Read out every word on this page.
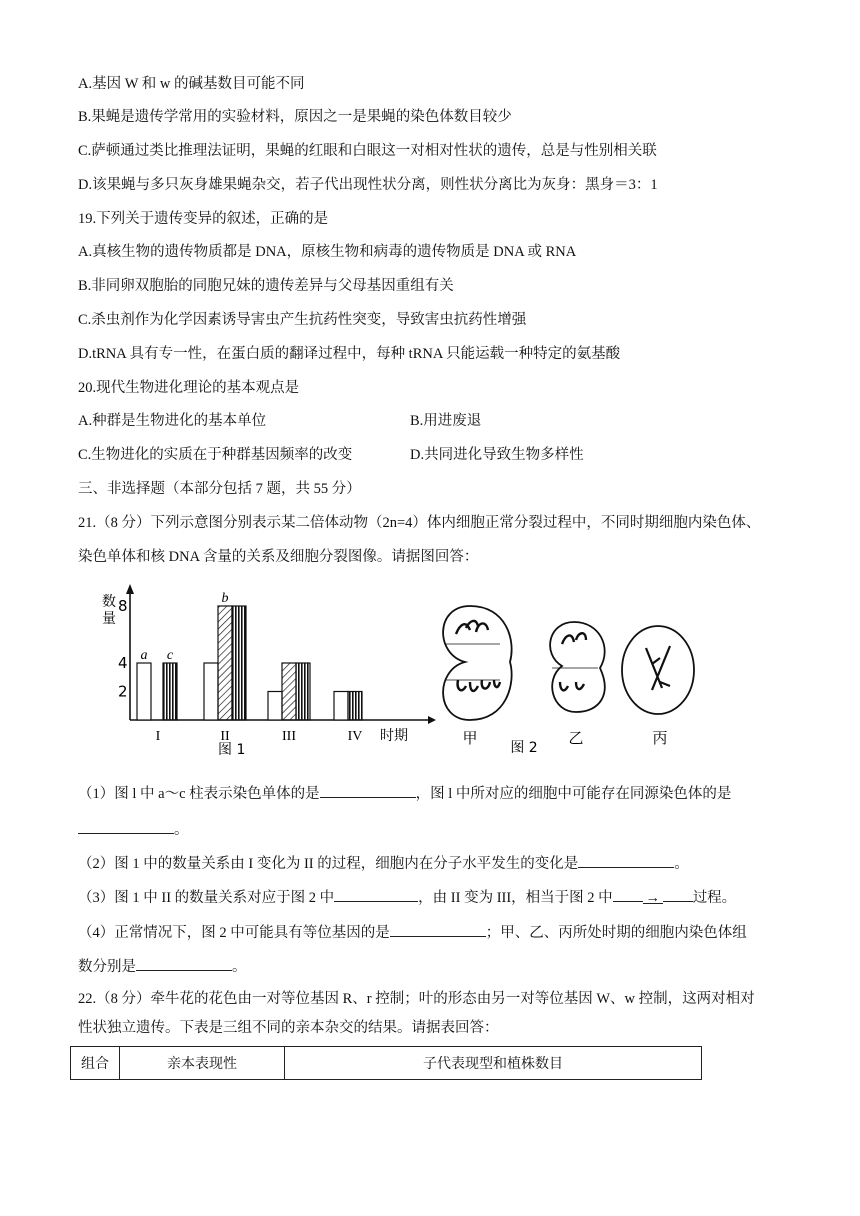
A.基因 W 和 w 的碱基数目可能不同
B.果蝇是遗传学常用的实验材料，原因之一是果蝇的染色体数目较少
C.萨顿通过类比推理法证明，果蝇的红眼和白眼这一对相对性状的遗传，总是与性别相关联
D.该果蝇与多只灰身雄果蝇杂交，若子代出现性状分离，则性状分离比为灰身：黑身＝3：1
19.下列关于遗传变异的叙述，正确的是
A.真核生物的遗传物质都是 DNA，原核生物和病毒的遗传物质是 DNA 或 RNA
B.非同卵双胞胎的同胞兄妹的遗传差异与父母基因重组有关
C.杀虫剂作为化学因素诱导害虫产生抗药性突变，导致害虫抗药性增强
D.tRNA 具有专一性，在蛋白质的翻译过程中，每种 tRNA 只能运载一种特定的氨基酸
20.现代生物进化理论的基本观点是
A.种群是生物进化的基本单位	B.用进废退
C.生物进化的实质在于种群基因频率的改变	D.共同进化导致生物多样性
三、非选择题（本部分包括 7 题，共 55 分）
21.（8 分）下列示意图分别表示某二倍体动物（2n=4）体内细胞正常分裂过程中，不同时期细胞内染色体、
染色单体和核 DNA 含量的关系及细胞分裂图像。请据图回答：
数
量
2
4
8
时期
图 1
I
a c
II
b
III	IV	甲	乙	丙
图 2
（1）图 l 中 a～c 柱表示染色单体的是	，图 l 中所对应的细胞中可能存在同源染色体的是
。
（2）图 1 中的数量关系由 I 变化为 II 的过程，细胞内在分子水平发生的变化是	。
（3）图 1 中 II 的数量关系对应于图 2 中	，由 II 变为 III，相当于图 2 中 → 过程。
（4）正常情况下，图 2 中可能具有等位基因的是	；甲、乙、丙所处时期的细胞内染色体组
数分别是	。
22.（8 分）牵牛花的花色由一对等位基因 R、r 控制；叶的形态由另一对等位基因 W、w 控制，这两对相对
性状独立遗传。下表是三组不同的亲本杂交的结果。请据表回答：
组合	亲本表现性	子代表现型和植株数目
